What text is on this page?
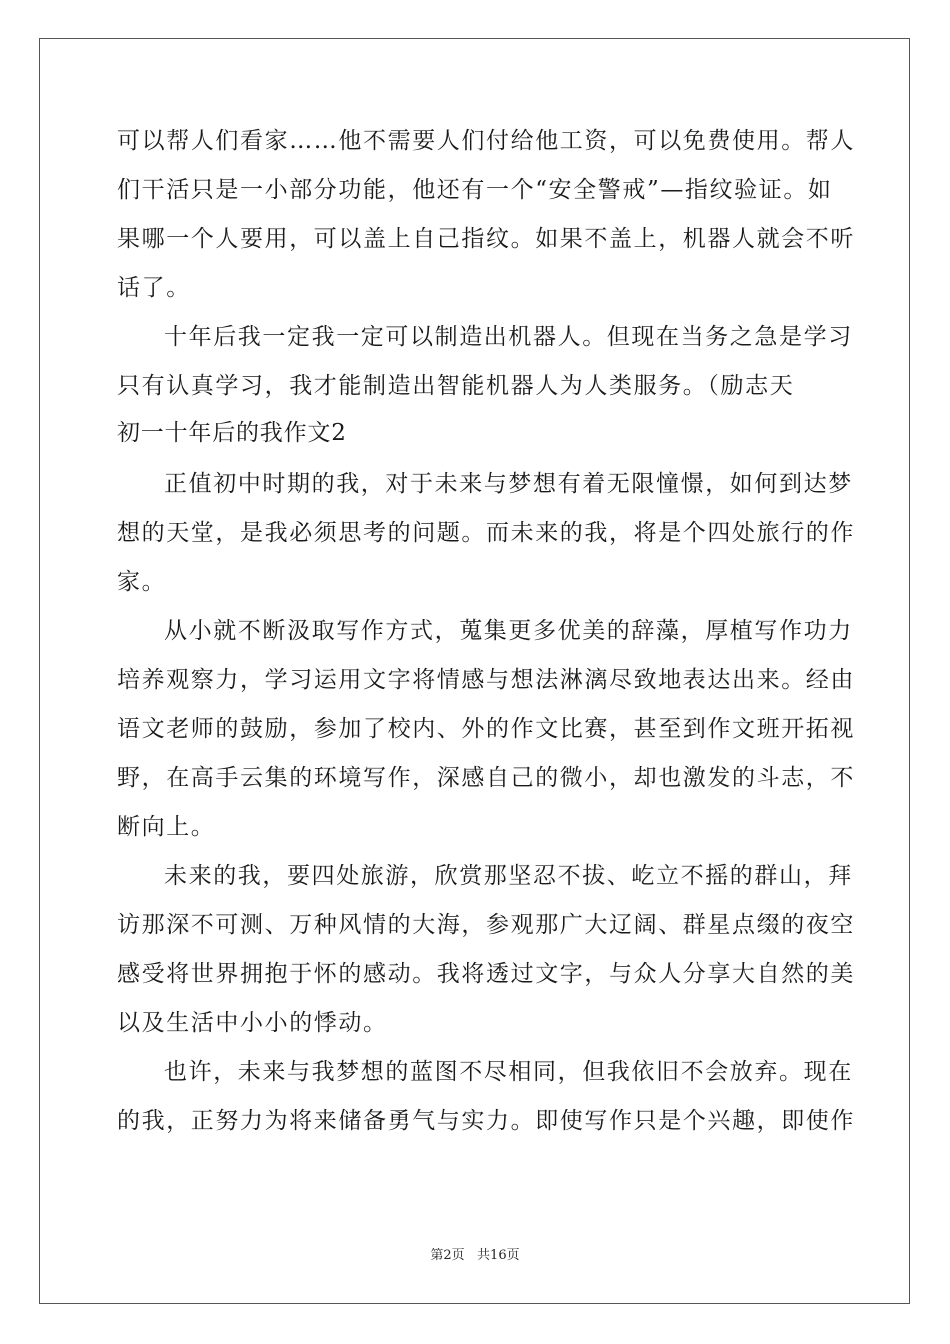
可以帮人们看家……他不需要人们付给他工资，可以免费使用。帮人
们干活只是一小部分功能，他还有一个“安全警戒”—指纹验证。如
果哪一个人要用，可以盖上自己指纹。如果不盖上，机器人就会不听
话了。
十年后我一定我一定可以制造出机器人。但现在当务之急是学习
只有认真学习，我才能制造出智能机器人为人类服务。（励志天
初一十年后的我作文2
正值初中时期的我，对于未来与梦想有着无限憧憬，如何到达梦
想的天堂，是我必须思考的问题。而未来的我，将是个四处旅行的作
家。
从小就不断汲取写作方式，蒐集更多优美的辞藻，厚植写作功力
培养观察力，学习运用文字将情感与想法淋漓尽致地表达出来。经由
语文老师的鼓励，参加了校内、外的作文比赛，甚至到作文班开拓视
野，在高手云集的环境写作，深感自己的微小，却也激发的斗志，不
断向上。
未来的我，要四处旅游，欣赏那坚忍不拔、屹立不摇的群山，拜
访那深不可测、万种风情的大海，参观那广大辽阔、群星点缀的夜空
感受将世界拥抱于怀的感动。我将透过文字，与众人分享大自然的美
以及生活中小小的悸动。
也许，未来与我梦想的蓝图不尽相同，但我依旧不会放弃。现在
的我，正努力为将来储备勇气与实力。即使写作只是个兴趣，即使作
第2页   共16页
